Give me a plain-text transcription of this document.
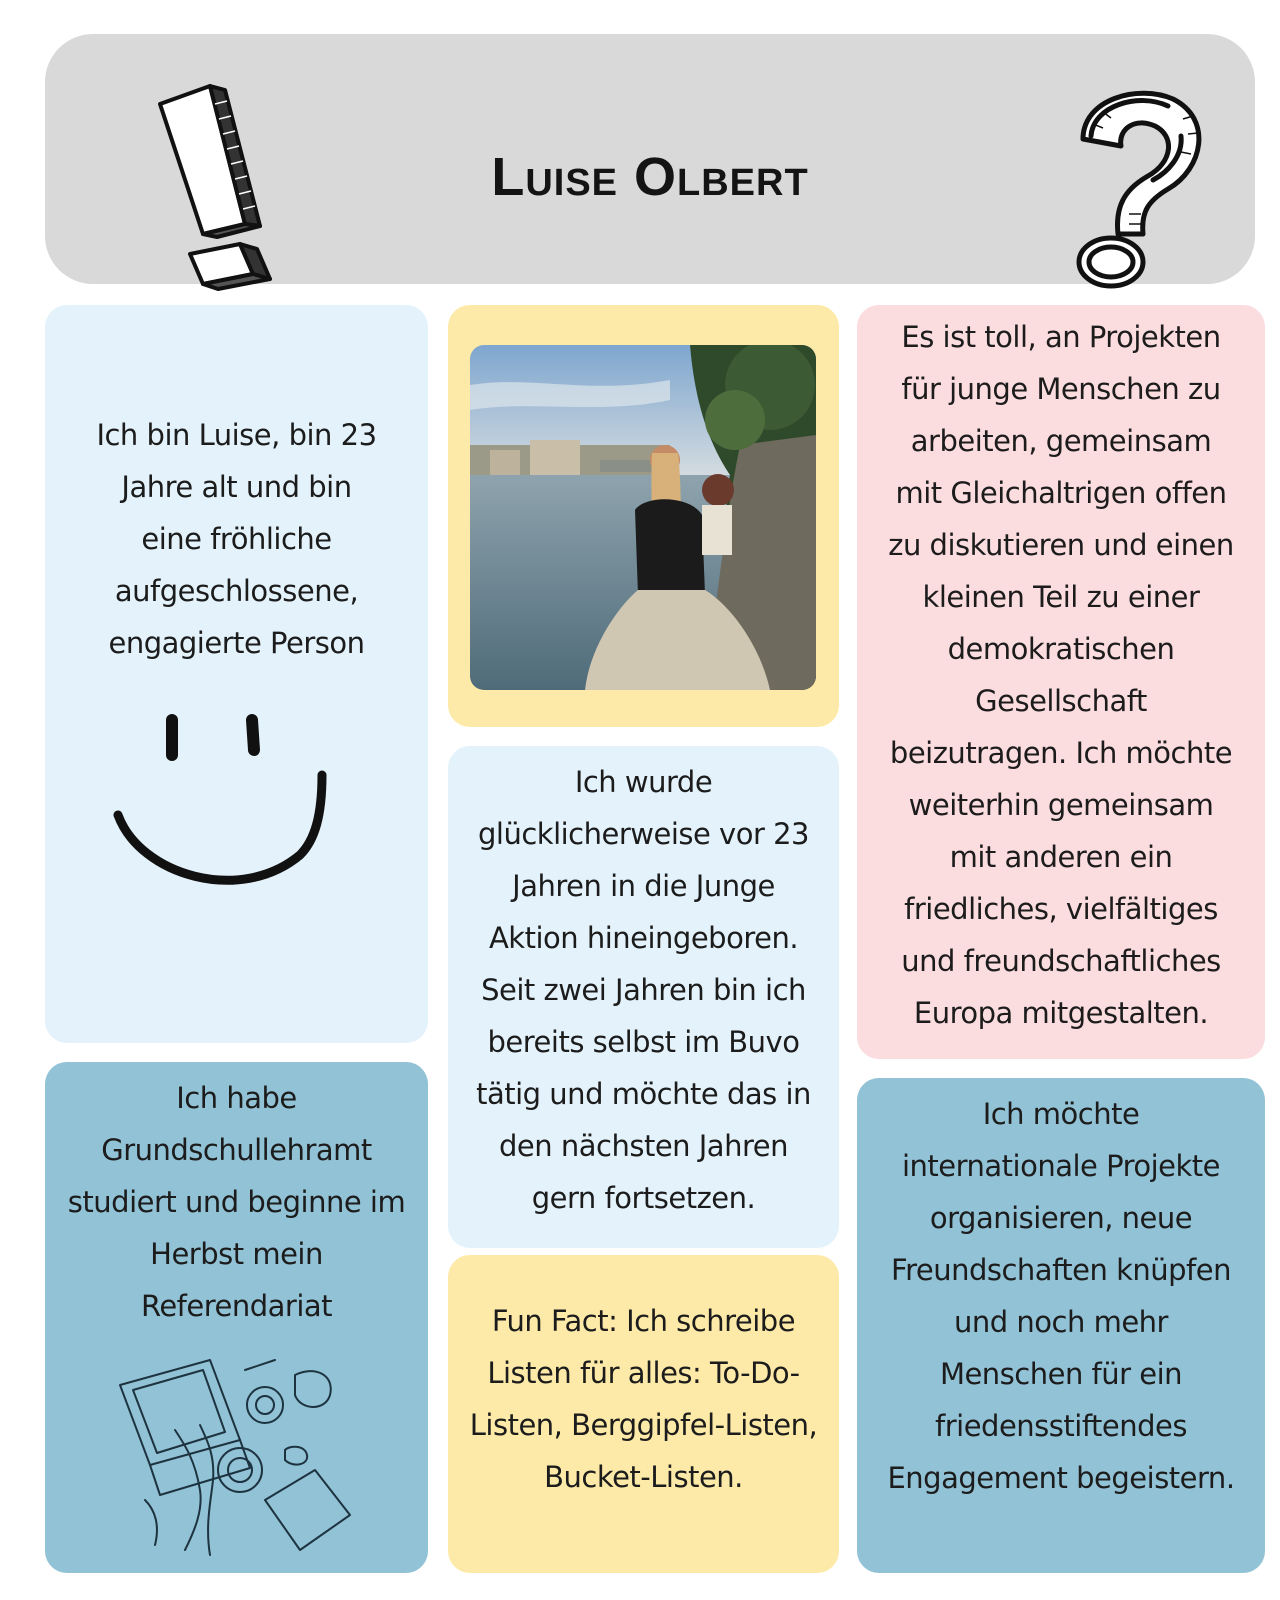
Luise Olbert
Ich bin Luise, bin 23
Jahre alt und bin
eine fröhliche
aufgeschlossene,
engagierte Person
Ich wurde
glücklicherweise vor 23
Jahren in die Junge
Aktion hineingeboren.
Seit zwei Jahren bin ich
bereits selbst im Buvo
tätig und möchte das in
den nächsten Jahren
gern fortsetzen.
Fun Fact: Ich schreibe
Listen für alles: To-Do-
Listen, Berggipfel-Listen,
Bucket-Listen.
Es ist toll, an Projekten
für junge Menschen zu
arbeiten, gemeinsam
mit Gleichaltrigen offen
zu diskutieren und einen
kleinen Teil zu einer
demokratischen
Gesellschaft
beizutragen. Ich möchte
weiterhin gemeinsam
mit anderen ein
friedliches, vielfältiges
und freundschaftliches
Europa mitgestalten.
Ich habe
Grundschullehramt
studiert und beginne im
Herbst mein
Referendariat
Ich möchte
internationale Projekte
organisieren, neue
Freundschaften knüpfen
und noch mehr
Menschen für ein
friedensstiftendes
Engagement begeistern.
